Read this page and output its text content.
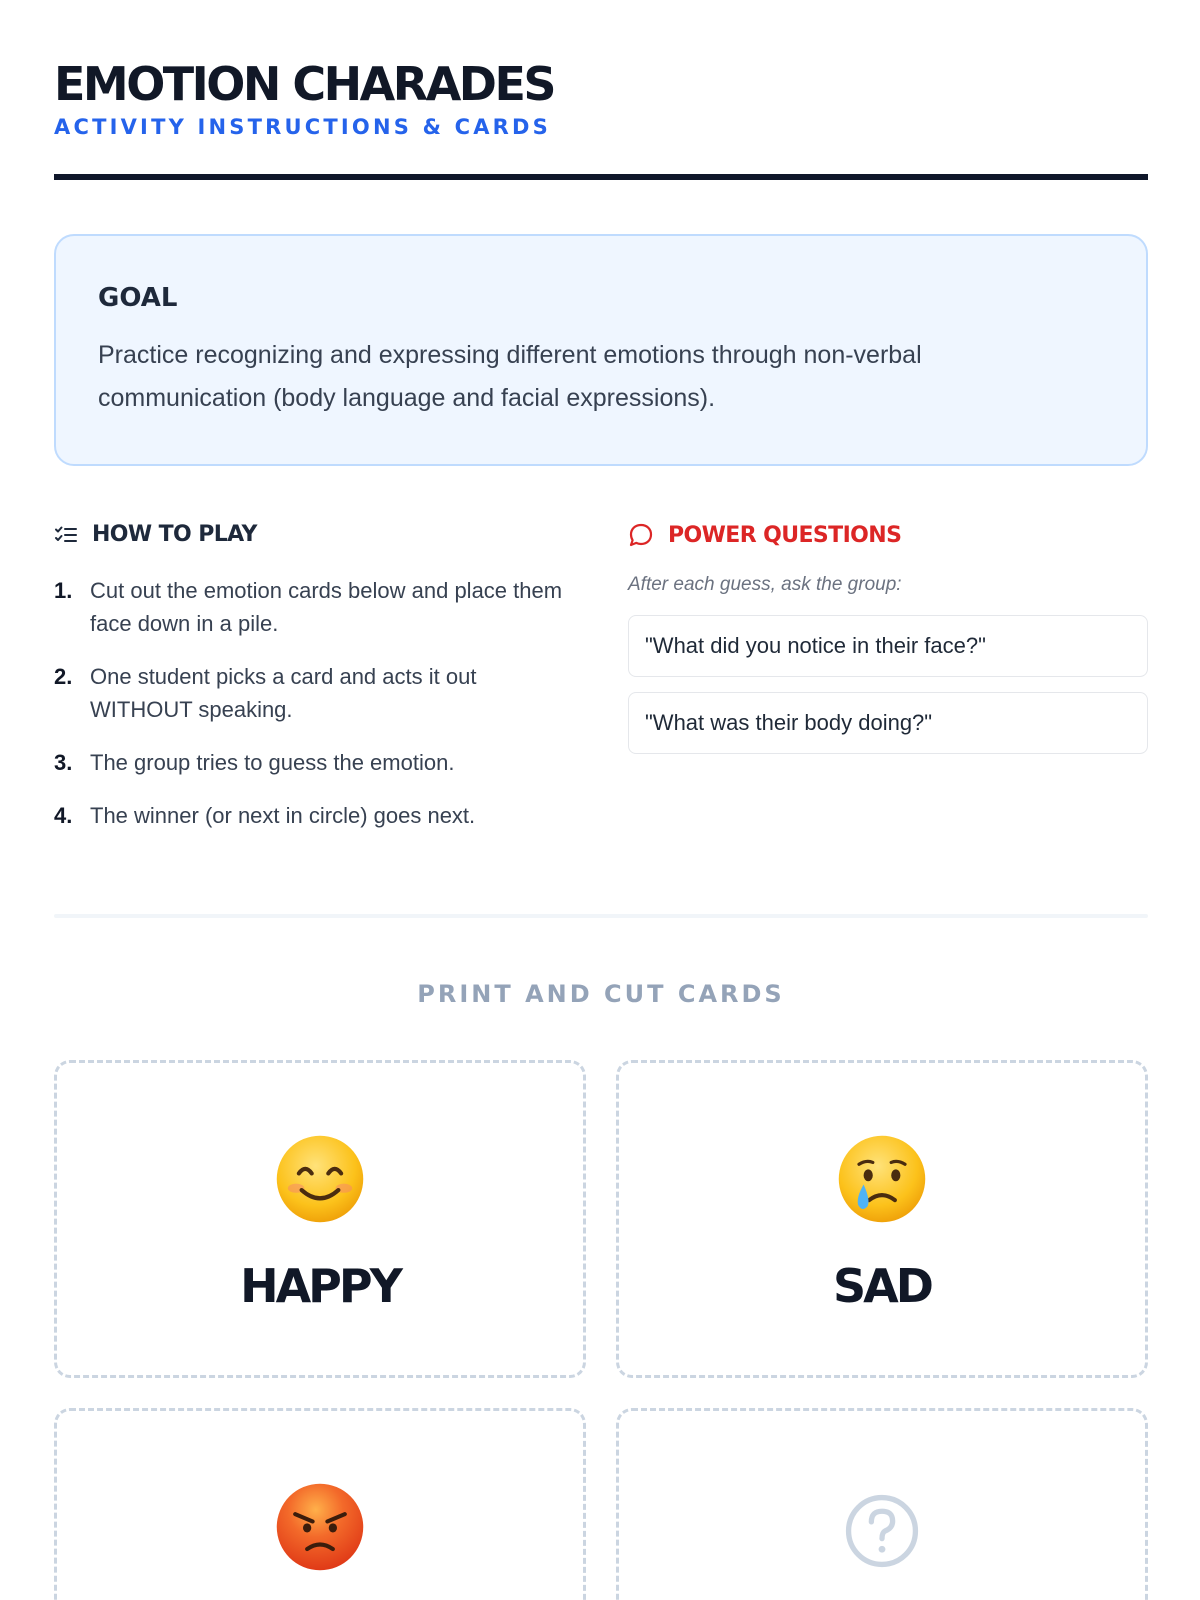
EMOTION CHARADES
ACTIVITY INSTRUCTIONS & CARDS
GOAL
Practice recognizing and expressing different emotions through non-verbal communication (body language and facial expressions).
HOW TO PLAY
1. Cut out the emotion cards below and place them face down in a pile.
2. One student picks a card and acts it out WITHOUT speaking.
3. The group tries to guess the emotion.
4. The winner (or next in circle) goes next.
POWER QUESTIONS
After each guess, ask the group:
"What did you notice in their face?"
"What was their body doing?"
PRINT AND CUT CARDS
HAPPY	SAD
